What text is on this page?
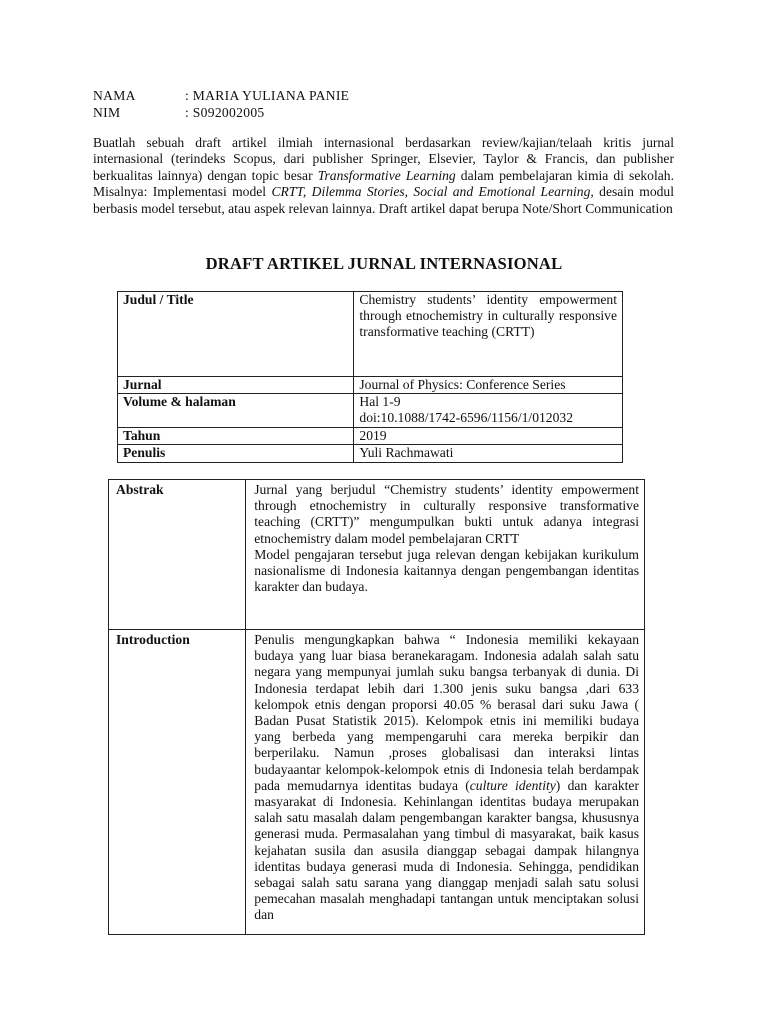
NAMA	: MARIA YULIANA PANIE
NIM	: S092002005

Buatlah sebuah draft artikel ilmiah internasional berdasarkan review/kajian/telaah kritis jurnal internasional (terindeks Scopus, dari publisher Springer, Elsevier, Taylor & Francis, dan publisher berkualitas lainnya) dengan topic besar Transformative Learning dalam pembelajaran kimia di sekolah. Misalnya: Implementasi model CRTT, Dilemma Stories, Social and Emotional Learning, desain modul berbasis model tersebut, atau aspek relevan lainnya. Draft artikel dapat berupa Note/Short Communication

DRAFT ARTIKEL JURNAL INTERNASIONAL
Judul / Title	Chemistry students’ identity empowerment through etnochemistry in culturally responsive transformative teaching (CRTT)
Jurnal	Journal of Physics: Conference Series
Volume & halaman	Hal 1-9
doi:10.1088/1742-6596/1156/1/012032

Tahun	2019
Penulis	Yuli Rachmawati
Abstrak	Jurnal yang berjudul “Chemistry students’ identity empowerment through etnochemistry in culturally responsive transformative teaching (CRTT)” mengumpulkan bukti untuk adanya integrasi etnochemistry dalam model pembelajaran CRTT

Model pengajaran tersebut juga relevan dengan kebijakan kurikulum nasionalisme di Indonesia kaitannya dengan pengembangan identitas karakter dan budaya.

Introduction	Penulis mengungkapkan bahwa “ Indonesia memiliki kekayaan budaya yang luar biasa beranekaragam. Indonesia adalah salah satu negara yang mempunyai jumlah suku bangsa terbanyak di dunia. Di Indonesia terdapat lebih dari 1.300 jenis suku bangsa ,dari 633 kelompok etnis dengan proporsi 40.05 % berasal dari suku Jawa ( Badan Pusat Statistik 2015). Kelompok etnis ini memiliki budaya yang berbeda yang mempengaruhi cara mereka berpikir dan berperilaku. Namun ,proses globalisasi dan interaksi lintas budayaantar kelompok-kelompok etnis di Indonesia telah berdampak pada memudarnya identitas budaya (culture identity) dan karakter masyarakat di Indonesia. Kehinlangan identitas budaya merupakan salah satu masalah dalam pengembangan karakter bangsa, khususnya generasi muda. Permasalahan yang timbul di masyarakat, baik kasus kejahatan susila dan asusila dianggap sebagai dampak hilangnya identitas budaya generasi muda di Indonesia. Sehingga, pendidikan sebagai salah satu sarana yang dianggap menjadi salah satu solusi pemecahan masalah menghadapi tantangan untuk menciptakan solusi dan
